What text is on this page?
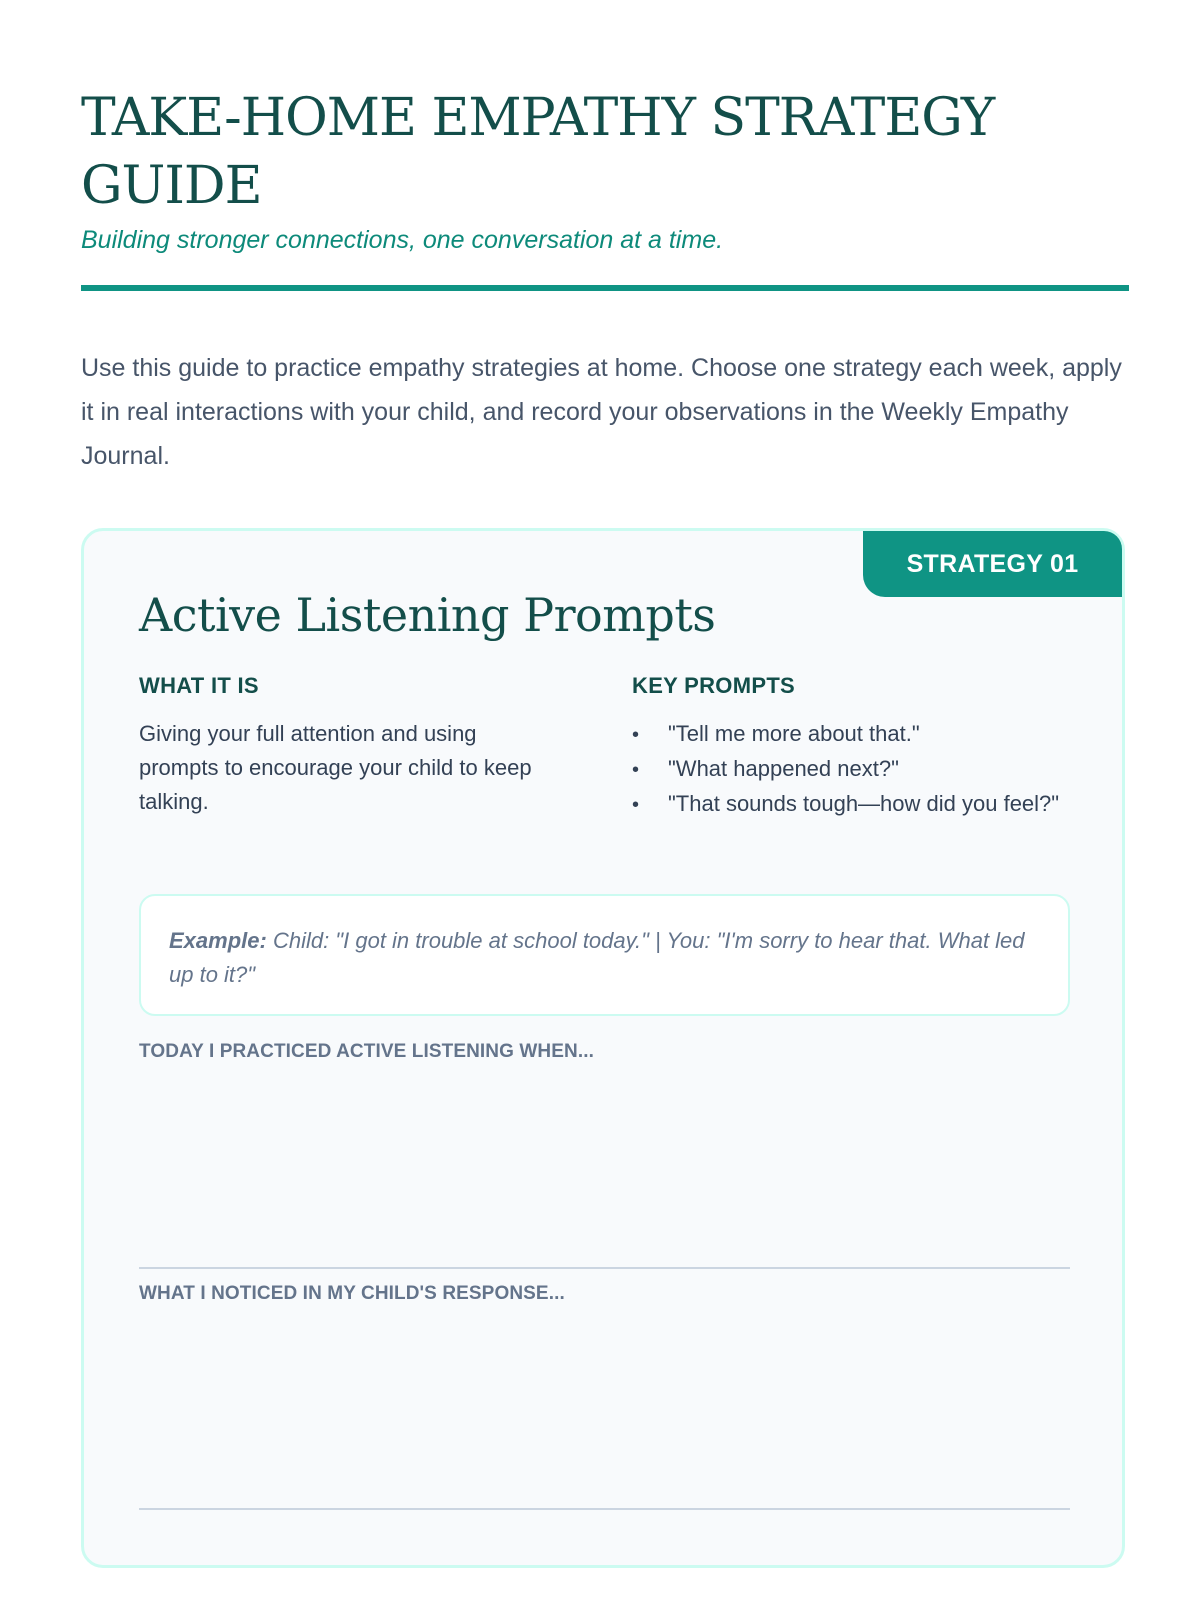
TAKE-HOME EMPATHY STRATEGY GUIDE

Building stronger connections, one conversation at a time.

Use this guide to practice empathy strategies at home. Choose one strategy each week, apply it in real interactions with your child, and record your observations in the Weekly Empathy Journal.

STRATEGY 01
Active Listening Prompts
WHAT IT IS

Giving your full attention and using prompts to encourage your child to keep talking.

KEY PROMPTS
• "Tell me more about that."
• "What happened next?"
• "That sounds tough—how did you feel?"
Example: Child: "I got in trouble at school today." | You: "I'm sorry to hear that. What led up to it?"

TODAY I PRACTICED ACTIVE LISTENING WHEN...

WHAT I NOTICED IN MY CHILD'S RESPONSE...
